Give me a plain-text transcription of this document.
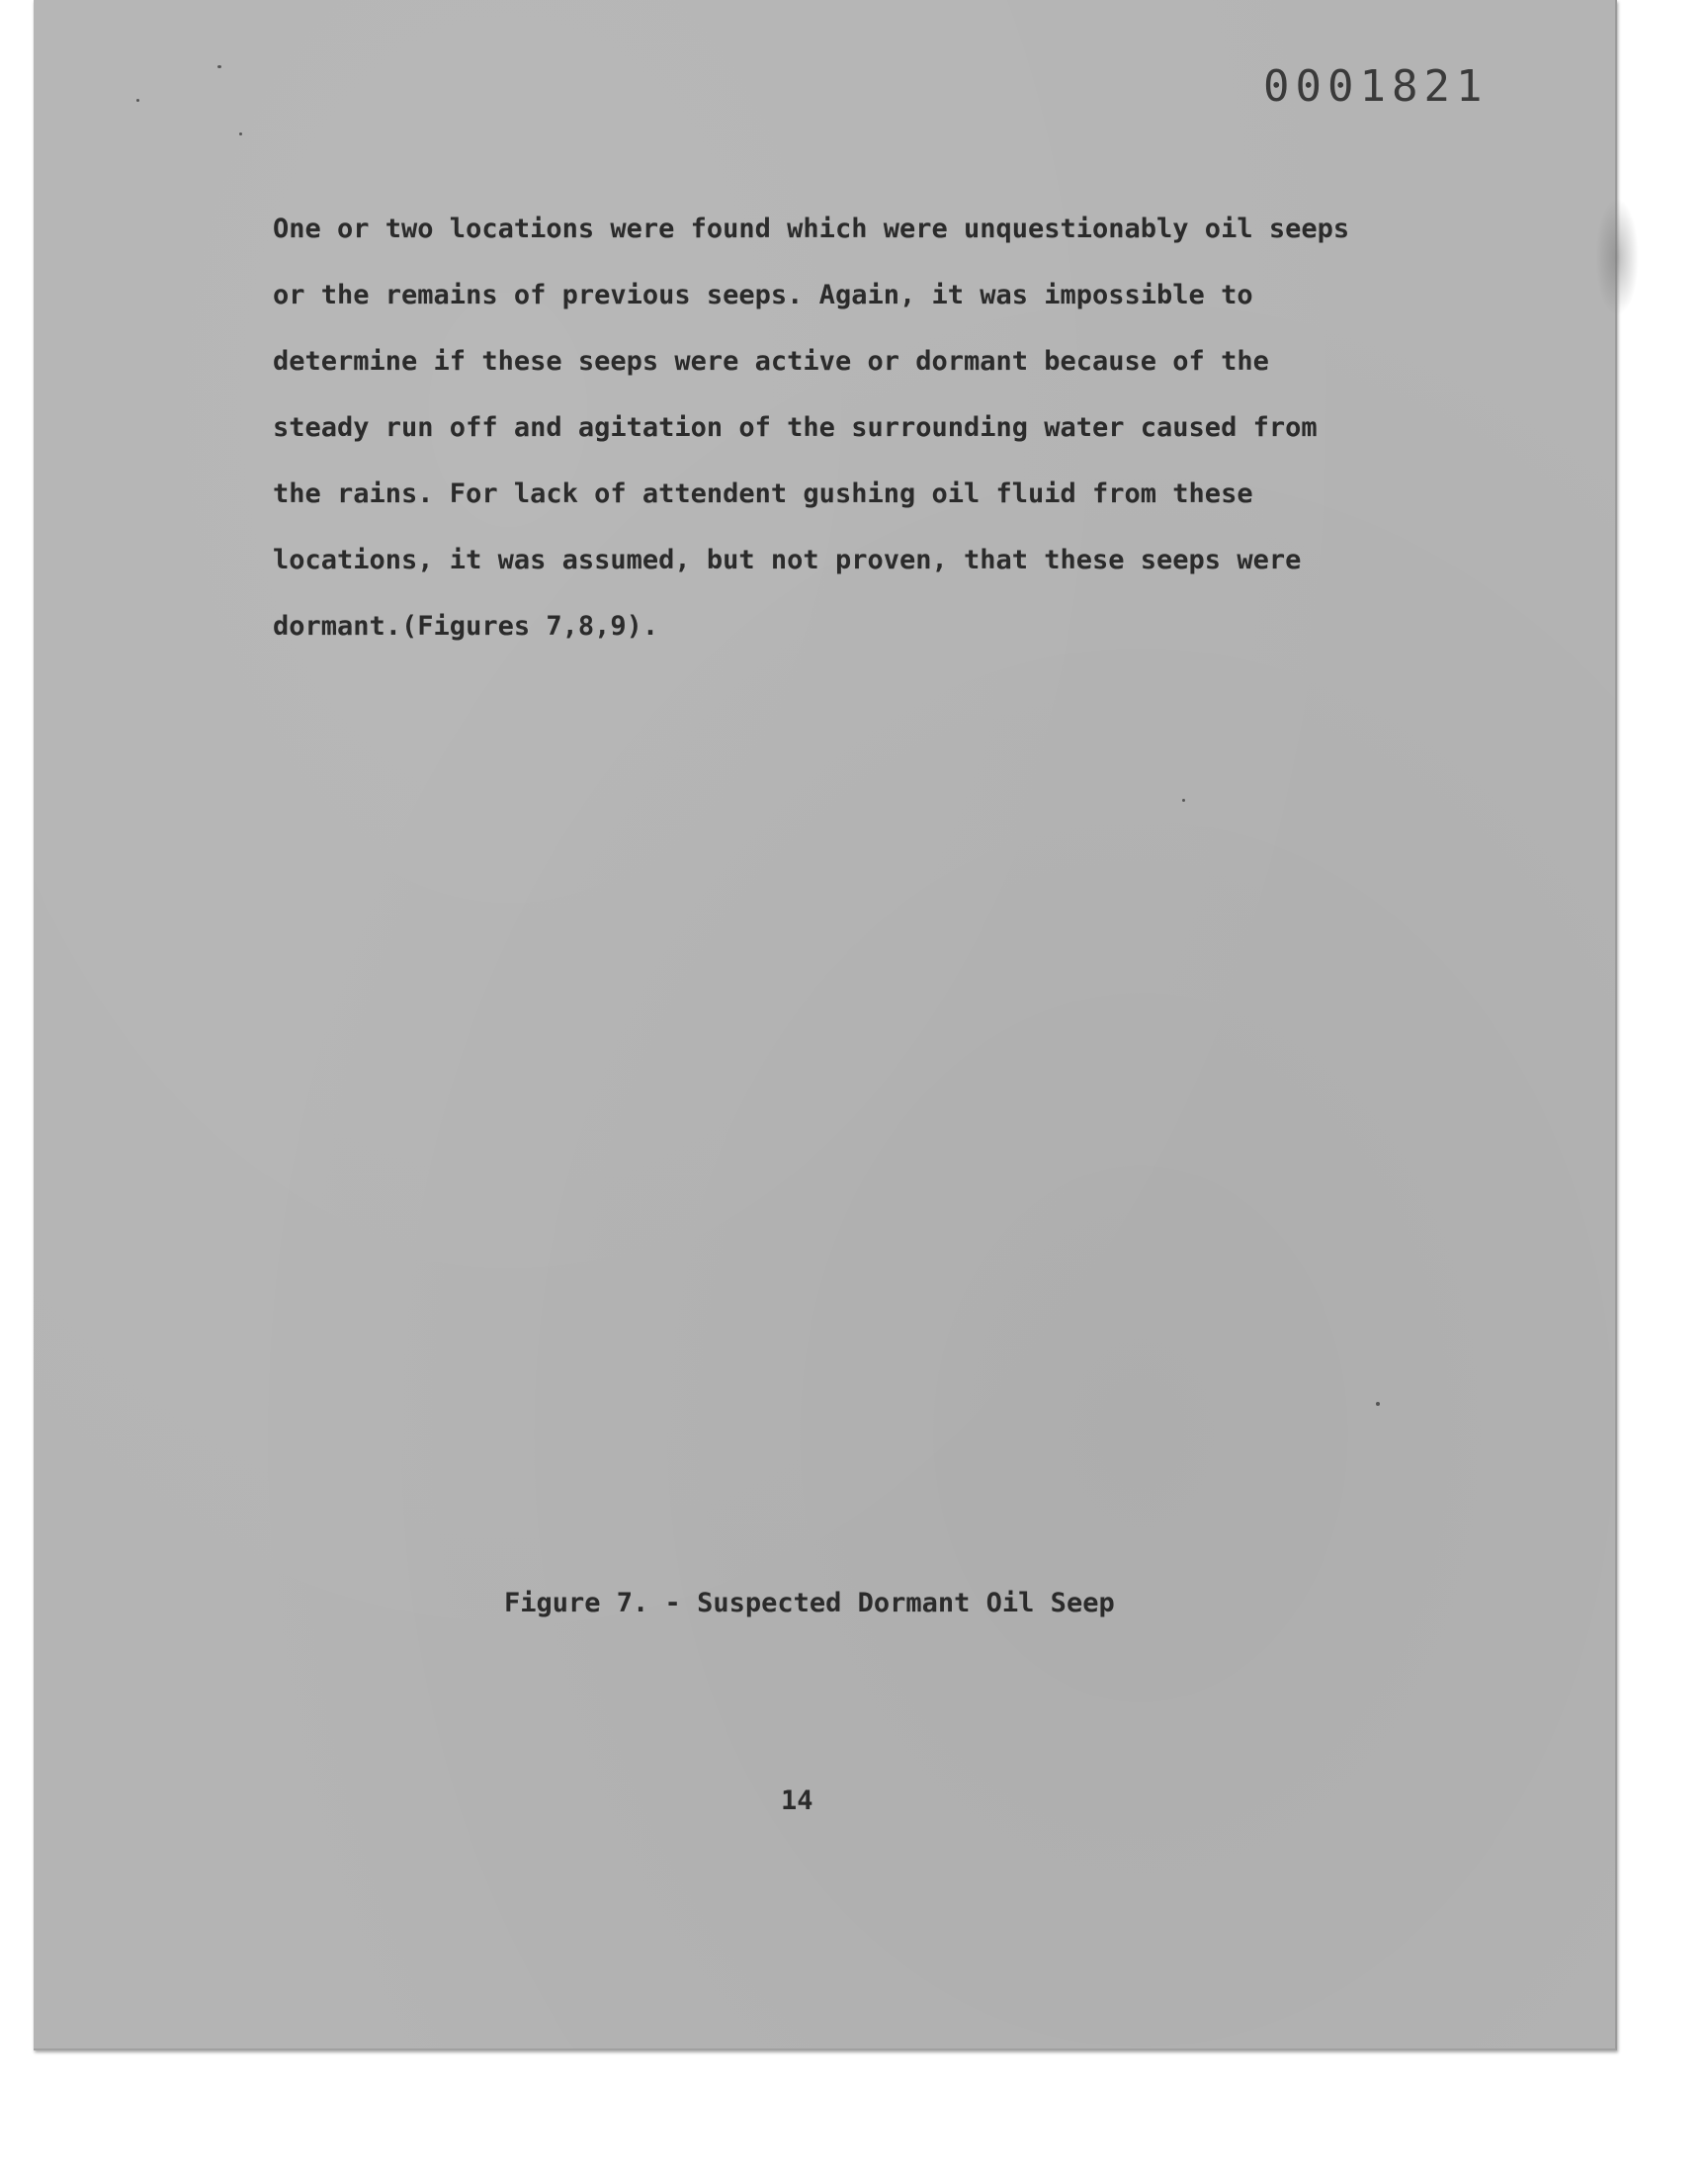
0001821
One or two locations were found which were unquestionably oil seeps
or the remains of previous seeps. Again, it was impossible to
determine if these seeps were active or dormant because of the
steady run off and agitation of the surrounding water caused from
the rains. For lack of attendent gushing oil fluid from these
locations, it was assumed, but not proven, that these seeps were
dormant.(Figures 7,8,9).
Figure 7. - Suspected Dormant Oil Seep
14
